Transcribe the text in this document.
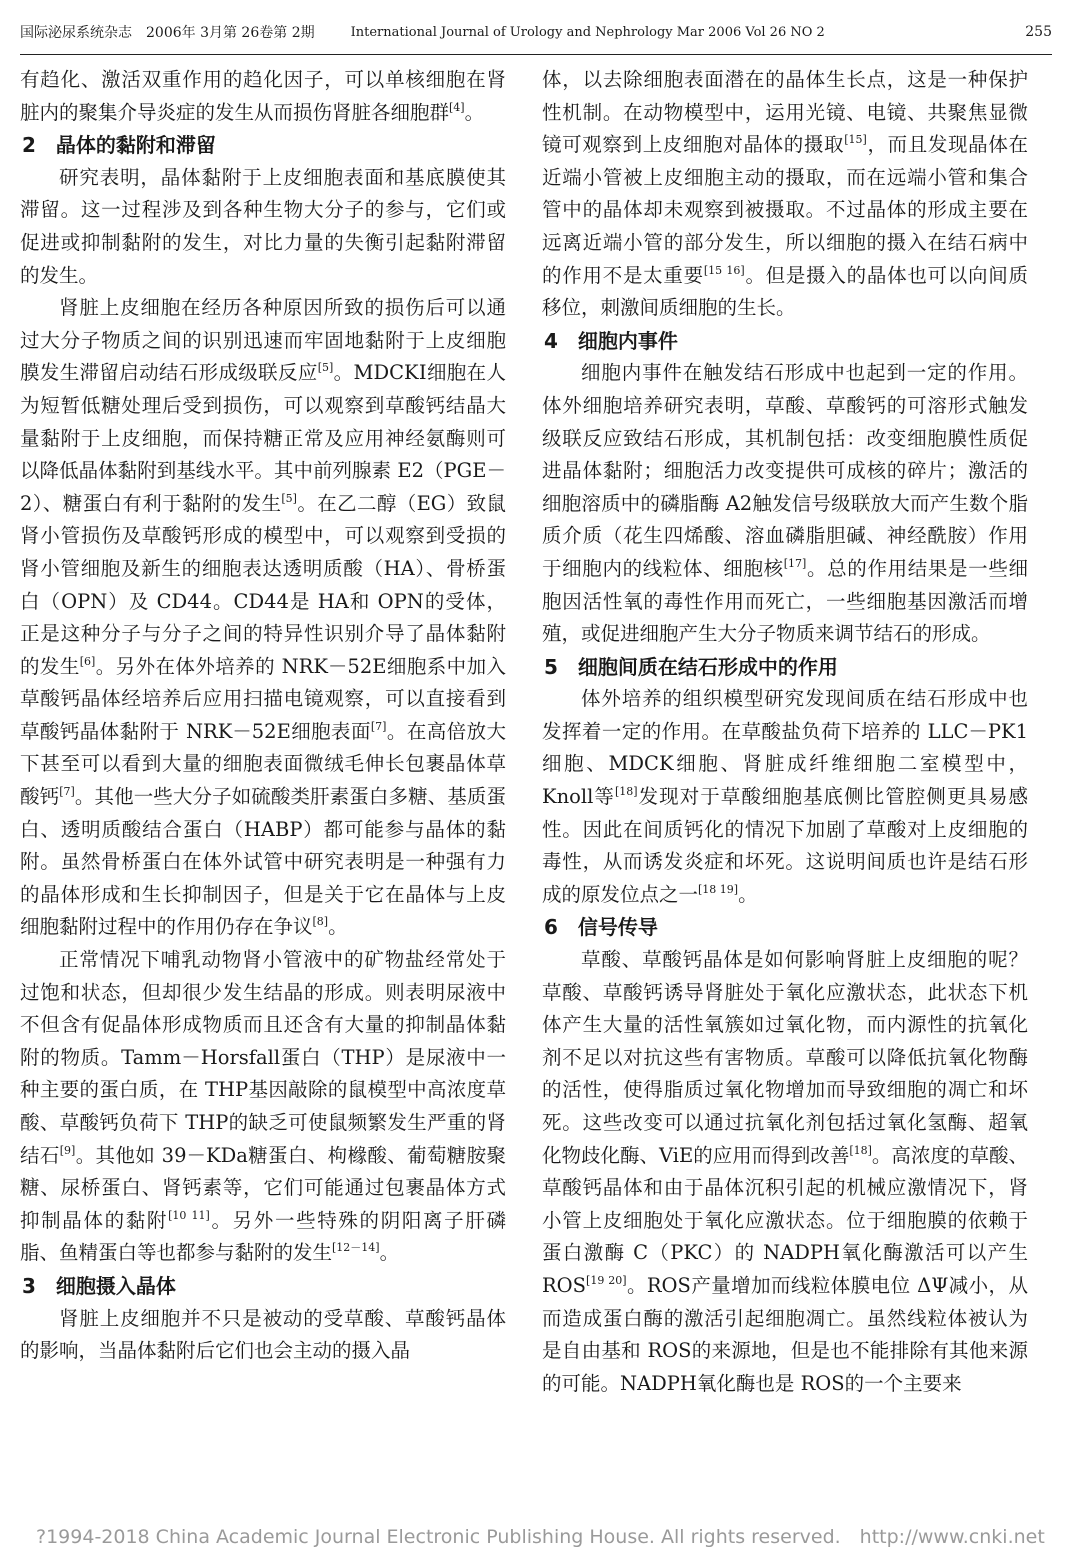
国际泌尿系统杂志　2006年 3月第 26卷第 2期	International Journal of Urology and Nephrology Mar 2006 Vol 26 NO 2	255

有趋化、激活双重作用的趋化因子，可以单核细胞在肾脏内的聚集介导炎症的发生从而损伤肾脏各细胞群[4]。

2　晶体的黏附和滞留

研究表明，晶体黏附于上皮细胞表面和基底膜使其滞留。这一过程涉及到各种生物大分子的参与，它们或促进或抑制黏附的发生，对比力量的失衡引起黏附滞留的发生。

肾脏上皮细胞在经历各种原因所致的损伤后可以通过大分子物质之间的识别迅速而牢固地黏附于上皮细胞膜发生滞留启动结石形成级联反应[5]。MDCKⅠ细胞在人为短暂低糖处理后受到损伤，可以观察到草酸钙结晶大量黏附于上皮细胞，而保持糖正常及应用神经氨酶则可以降低晶体黏附到基线水平。其中前列腺素 E2（PGE－2）、糖蛋白有利于黏附的发生[5]。在乙二醇（EG）致鼠肾小管损伤及草酸钙形成的模型中，可以观察到受损的肾小管细胞及新生的细胞表达透明质酸（HA）、骨桥蛋白（OPN）及 CD44。CD44是 HA和 OPN的受体，正是这种分子与分子之间的特异性识别介导了晶体黏附的发生[6]。另外在体外培养的 NRK－52E细胞系中加入草酸钙晶体经培养后应用扫描电镜观察，可以直接看到草酸钙晶体黏附于 NRK－52E细胞表面[7]。在高倍放大下甚至可以看到大量的细胞表面微绒毛伸长包裹晶体草酸钙[7]。其他一些大分子如硫酸类肝素蛋白多糖、基质蛋白、透明质酸结合蛋白（HABP）都可能参与晶体的黏附。虽然骨桥蛋白在体外试管中研究表明是一种强有力的晶体形成和生长抑制因子，但是关于它在晶体与上皮细胞黏附过程中的作用仍存在争议[8]。

正常情况下哺乳动物肾小管液中的矿物盐经常处于过饱和状态，但却很少发生结晶的形成。则表明尿液中不但含有促晶体形成物质而且还含有大量的抑制晶体黏附的物质。Tamm－Horsfall蛋白（THP）是尿液中一种主要的蛋白质，在 THP基因敲除的鼠模型中高浓度草酸、草酸钙负荷下 THP的缺乏可使鼠频繁发生严重的肾结石[9]。其他如 39－KDa糖蛋白、枸橼酸、葡萄糖胺聚糖、尿桥蛋白、肾钙素等，它们可能通过包裹晶体方式抑制晶体的黏附[10 11]。另外一些特殊的阴阳离子肝磷脂、鱼精蛋白等也都参与黏附的发生[12－14]。

3　细胞摄入晶体

肾脏上皮细胞并不只是被动的受草酸、草酸钙晶体的影响，当晶体黏附后它们也会主动的摄入晶

体，以去除细胞表面潜在的晶体生长点，这是一种保护性机制。在动物模型中，运用光镜、电镜、共聚焦显微镜可观察到上皮细胞对晶体的摄取[15]，而且发现晶体在近端小管被上皮细胞主动的摄取，而在远端小管和集合管中的晶体却未观察到被摄取。不过晶体的形成主要在远离近端小管的部分发生，所以细胞的摄入在结石病中的作用不是太重要[15 16]。但是摄入的晶体也可以向间质移位，刺激间质细胞的生长。

4　细胞内事件

细胞内事件在触发结石形成中也起到一定的作用。体外细胞培养研究表明，草酸、草酸钙的可溶形式触发级联反应致结石形成，其机制包括：改变细胞膜性质促进晶体黏附；细胞活力改变提供可成核的碎片；激活的细胞溶质中的磷脂酶 A2触发信号级联放大而产生数个脂质介质（花生四烯酸、溶血磷脂胆碱、神经酰胺）作用于细胞内的线粒体、细胞核[17]。总的作用结果是一些细胞因活性氧的毒性作用而死亡，一些细胞基因激活而增殖，或促进细胞产生大分子物质来调节结石的形成。

5　细胞间质在结石形成中的作用

体外培养的组织模型研究发现间质在结石形成中也发挥着一定的作用。在草酸盐负荷下培养的 LLC－PK1细胞、MDCK细胞、肾脏成纤维细胞二室模型中，Knoll等[18]发现对于草酸细胞基底侧比管腔侧更具易感性。因此在间质钙化的情况下加剧了草酸对上皮细胞的毒性，从而诱发炎症和坏死。这说明间质也许是结石形成的原发位点之一[18 19]。

6　信号传导

草酸、草酸钙晶体是如何影响肾脏上皮细胞的呢？草酸、草酸钙诱导肾脏处于氧化应激状态，此状态下机体产生大量的活性氧簇如过氧化物，而内源性的抗氧化剂不足以对抗这些有害物质。草酸可以降低抗氧化物酶的活性，使得脂质过氧化物增加而导致细胞的凋亡和坏死。这些改变可以通过抗氧化剂包括过氧化氢酶、超氧化物歧化酶、ViE的应用而得到改善[18]。高浓度的草酸、草酸钙晶体和由于晶体沉积引起的机械应激情况下，肾小管上皮细胞处于氧化应激状态。位于细胞膜的依赖于蛋白激酶 C（PKC）的 NADPH氧化酶激活可以产生 ROS[19 20]。ROS产量增加而线粒体膜电位 ΔΨ减小，从而造成蛋白酶的激活引起细胞凋亡。虽然线粒体被认为是自由基和 ROS的来源地，但是也不能排除有其他来源的可能。NADPH氧化酶也是 ROS的一个主要来

?1994-2018 China Academic Journal Electronic Publishing House. All rights reserved.　http://www.cnki.net
